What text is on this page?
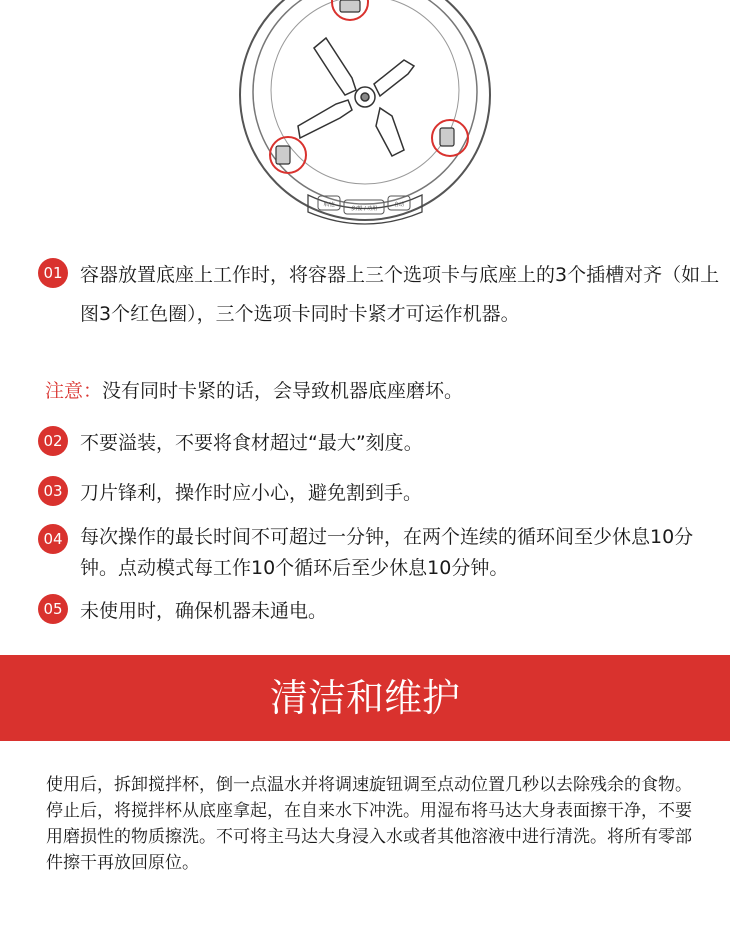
单/连
多/搅 / 功用
自动
01 容器放置底座上工作时，将容器上三个选项卡与底座上的3个插槽对齐（如上图3个红色圈），三个选项卡同时卡紧才可运作机器。
注意：没有同时卡紧的话，会导致机器底座磨坏。
02 不要溢装，不要将食材超过“最大”刻度。
03 刀片锋利，操作时应小心，避免割到手。
04 每次操作的最长时间不可超过一分钟，在两个连续的循环间至少休息10分钟。点动模式每工作10个循环后至少休息10分钟。
05 未使用时，确保机器未通电。
清洁和维护
使用后，拆卸搅拌杯，倒一点温水并将调速旋钮调至点动位置几秒以去除残余的食物。停止后，将搅拌杯从底座拿起，在自来水下冲洗。用湿布将马达大身表面擦干净，不要用磨损性的物质擦洗。不可将主马达大身浸入水或者其他溶液中进行清洗。将所有零部件擦干再放回原位。
